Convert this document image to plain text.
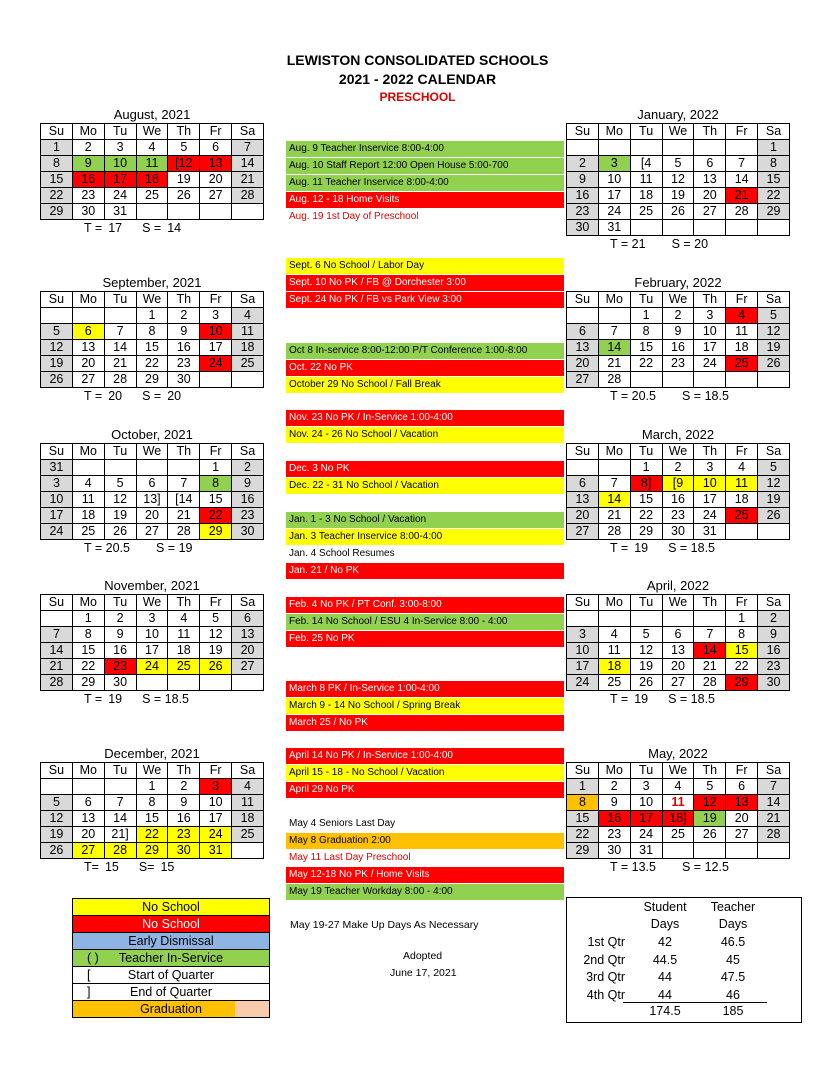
LEWISTON CONSOLIDATED SCHOOLS
2021 - 2022 CALENDAR
PRESCHOOL
August, 2021
Su	Mo	Tu	We	Th	Fr	Sa
1	2	3	4	5	6	7
8	9	10	11	[12	13	14
15	16	17	18	19	20	21
22	23	24	25	26	27	28
29	30	31				
T = 17 S = 14
September, 2021
Su	Mo	Tu	We	Th	Fr	Sa
			1	2	3	4
5	6	7	8	9	10	11
12	13	14	15	16	17	18
19	20	21	22	23	24	25
26	27	28	29	30		
T = 20 S = 20
October, 2021
Su	Mo	Tu	We	Th	Fr	Sa
31					1	2
3	4	5	6	7	8	9
10	11	12	13]	[14	15	16
17	18	19	20	21	22	23
24	25	26	27	28	29	30
T = 20.5 S = 19
November, 2021
Su	Mo	Tu	We	Th	Fr	Sa
	1	2	3	4	5	6
7	8	9	10	11	12	13
14	15	16	17	18	19	20
21	22	23	24	25	26	27
28	29	30				
T = 19 S = 18.5
December, 2021
Su	Mo	Tu	We	Th	Fr	Sa
			1	2	3	4
5	6	7	8	9	10	11
12	13	14	15	16	17	18
19	20	21]	22	23	24	25
26	27	28	29	30	31	
T= 15 S= 15
January, 2022
Su	Mo	Tu	We	Th	Fr	Sa
						1
2	3	[4	5	6	7	8
9	10	11	12	13	14	15
16	17	18	19	20	21	22
23	24	25	26	27	28	29
30	31					
T = 21 S = 20
February, 2022
Su	Mo	Tu	We	Th	Fr	Sa
		1	2	3	4	5
6	7	8	9	10	11	12
13	14	15	16	17	18	19
20	21	22	23	24	25	26
27	28					
T = 20.5 S = 18.5
March, 2022
Su	Mo	Tu	We	Th	Fr	Sa
		1	2	3	4	5
6	7	8]	[9	10	11	12
13	14	15	16	17	18	19
20	21	22	23	24	25	26
27	28	29	30	31		
T = 19 S = 18.5
April, 2022
Su	Mo	Tu	We	Th	Fr	Sa
					1	2
3	4	5	6	7	8	9
10	11	12	13	14	15	16
17	18	19	20	21	22	23
24	25	26	27	28	29	30
T = 19 S = 18.5
May, 2022
Su	Mo	Tu	We	Th	Fr	Sa
1	2	3	4	5	6	7
8	9	10	11	12	13	14
15	16	17	18]	19	20	21
22	23	24	25	26	27	28
29	30	31				
T = 13.5 S = 12.5
Aug. 9 Teacher Inservice 8:00-4:00
Aug. 10 Staff Report 12:00 Open House 5:00-700
Aug. 11 Teacher Inservice 8:00-4:00
Aug. 12 - 18 Home Visits
Aug. 19 1st Day of Preschool
Sept. 6 No School / Labor Day
Sept. 10 No PK / FB @ Dorchester 3:00
Sept. 24 No PK / FB vs Park View 3:00
Oct 8 In-service 8:00-12:00 P/T Conference 1:00-8:00
Oct. 22 No PK
October 29 No School / Fall Break
Nov. 23 No PK / In-Service 1:00-4:00
Nov. 24 - 26 No School / Vacation
Dec. 3 No PK
Dec. 22 - 31 No School / Vacation
Jan. 1 - 3 No School / Vacation
Jan. 3 Teacher Inservice 8:00-4:00
Jan. 4 School Resumes
Jan. 21 / No PK
Feb. 4 No PK / PT Conf. 3:00-8:00
Feb. 14 No School / ESU 4 In-Service 8:00 - 4:00
Feb. 25 No PK
March 8 PK / In-Service 1:00-4:00
March 9 - 14 No School / Spring Break
March 25 / No PK
April 14 No PK / In-Service 1:00-4:00
April 15 - 18 - No School / Vacation
April 29 No PK
May 4 Seniors Last Day
May 8 Graduation 2:00
May 11 Last Day Preschool
May 12-18 No PK / Home Visits
May 19 Teacher Workday 8:00 - 4:00
No School
No School
Early Dismissal
( ) Teacher In-Service
[	Start of Quarter
]	End of Quarter
Graduation
May 19-27 Make Up Days As Necessary
Adopted
June 17, 2021
Student	Teacher
Days	Days
1st Qtr	42	46.5
2nd Qtr	44.5	45
3rd Qtr	44	47.5
4th Qtr	44	46
174.5	185
